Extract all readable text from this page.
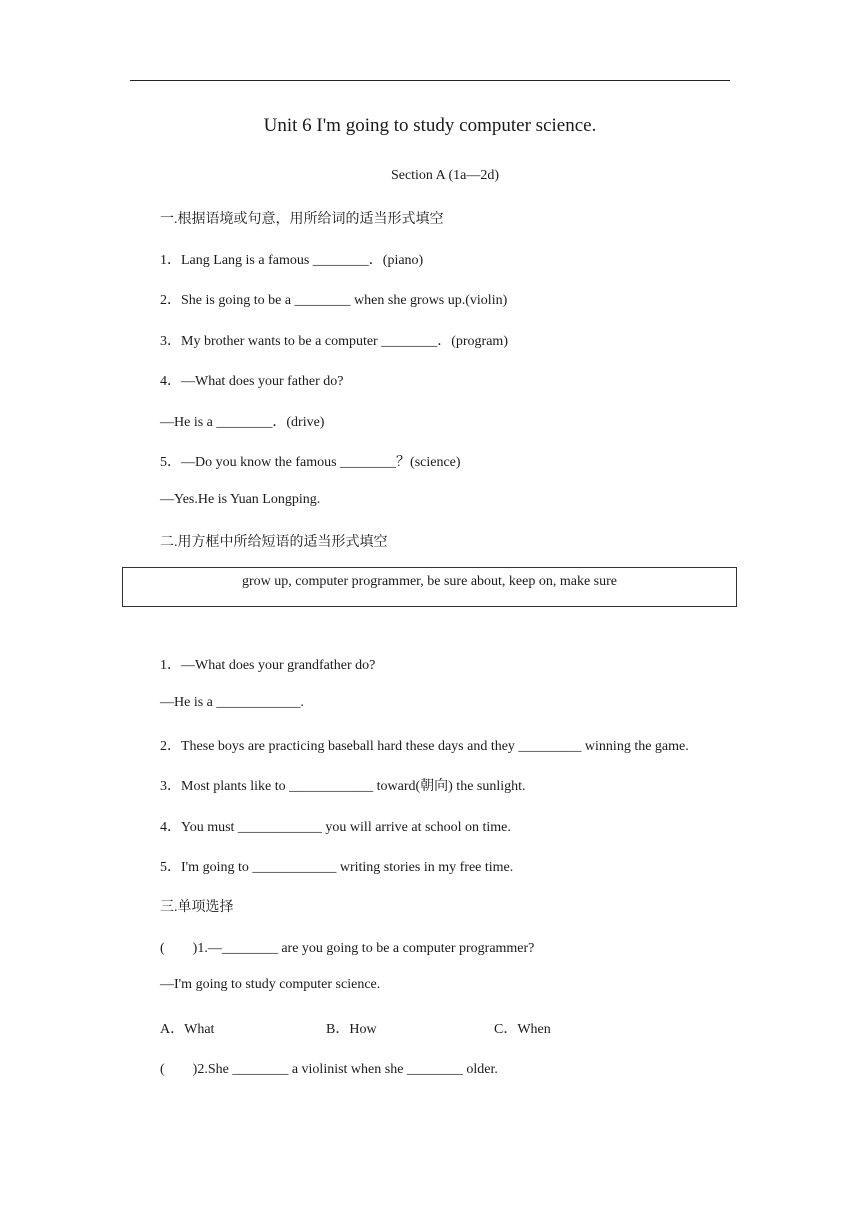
Unit 6 I'm going to study computer science.
Section A (1a—2d)
一.根据语境或句意，用所给词的适当形式填空
1．Lang Lang is a famous ________．(piano)
2．She is going to be a ________ when she grows up.(violin)
3．My brother wants to be a computer ________．(program)
4．—What does your father do?
—He is a ________．(drive)
5．—Do you know the famous ________？(science)
—Yes.He is Yuan Longping.
二.用方框中所给短语的适当形式填空
grow up, computer programmer, be sure about, keep on, make sure
1．—What does your grandfather do?
—He is a ____________.
2．These boys are practicing baseball hard these days and they _________ winning the game.
3．Most plants like to ____________ toward(朝向) the sunlight.
4．You must ____________ you will arrive at school on time.
5．I'm going to ____________ writing stories in my free time.
三.单项选择
(　　)1.—________ are you going to be a computer programmer?
—I'm going to study computer science.
A．What	B．How	C．When
(　　)2.She ________ a violinist when she ________ older.
